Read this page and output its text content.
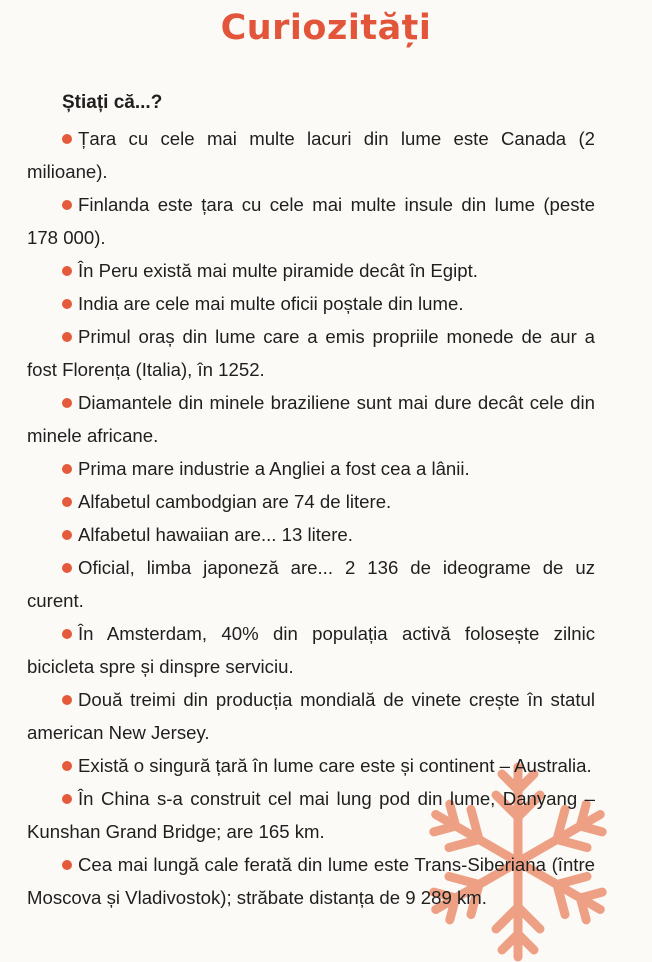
Curiozități
Știați că...?
Țara cu cele mai multe lacuri din lume este Canada (2 milioane).
Finlanda este țara cu cele mai multe insule din lume (peste 178 000).
În Peru există mai multe piramide decât în Egipt.
India are cele mai multe oficii poștale din lume.
Primul oraș din lume care a emis propriile monede de aur a fost Florența (Italia), în 1252.
Diamantele din minele braziliene sunt mai dure decât cele din minele africane.
Prima mare industrie a Angliei a fost cea a lânii.
Alfabetul cambodgian are 74 de litere.
Alfabetul hawaiian are... 13 litere.
Oficial, limba japoneză are... 2 136 de ideograme de uz curent.
În Amsterdam, 40% din populația activă folosește zilnic bicicleta spre și dinspre serviciu.
Două treimi din producția mondială de vinete crește în statul american New Jersey.
Există o singură țară în lume care este și continent – Australia.
În China s-a construit cel mai lung pod din lume, Danyang – Kunshan Grand Bridge; are 165 km.
Cea mai lungă cale ferată din lume este Trans-Siberiana (între Moscova și Vladivostok); străbate distanța de 9 289 km.
